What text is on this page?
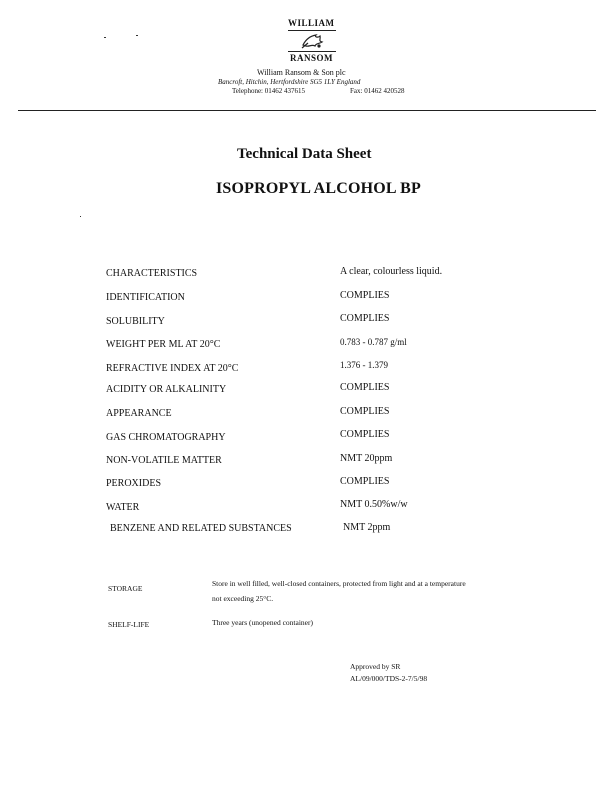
WILLIAM
RANSOM
William Ransom & Son plc
Bancroft, Hitchin, Hertfordshire SG5 1LY England
Telephone: 01462 437615	Fax: 01462 420528
Technical Data Sheet
ISOPROPYL ALCOHOL BP
CHARACTERISTICS	A clear, colourless liquid.
IDENTIFICATION	COMPLIES
SOLUBILITY	COMPLIES
WEIGHT PER ML AT 20°C	0.783 - 0.787 g/ml
REFRACTIVE INDEX AT 20°C	1.376 - 1.379
ACIDITY OR ALKALINITY	COMPLIES
APPEARANCE	COMPLIES
GAS CHROMATOGRAPHY	COMPLIES
NON-VOLATILE MATTER	NMT 20ppm
PEROXIDES	COMPLIES
WATER	NMT 0.50%w/w
BENZENE AND RELATED SUBSTANCES	NMT 2ppm
STORAGE
Store in well filled, well-closed containers, protected from light and at a temperature
not exceeding 25°C.
SHELF-LIFE	Three years (unopened container)
Approved by SR
AL/09/000/TDS-2-7/5/98
